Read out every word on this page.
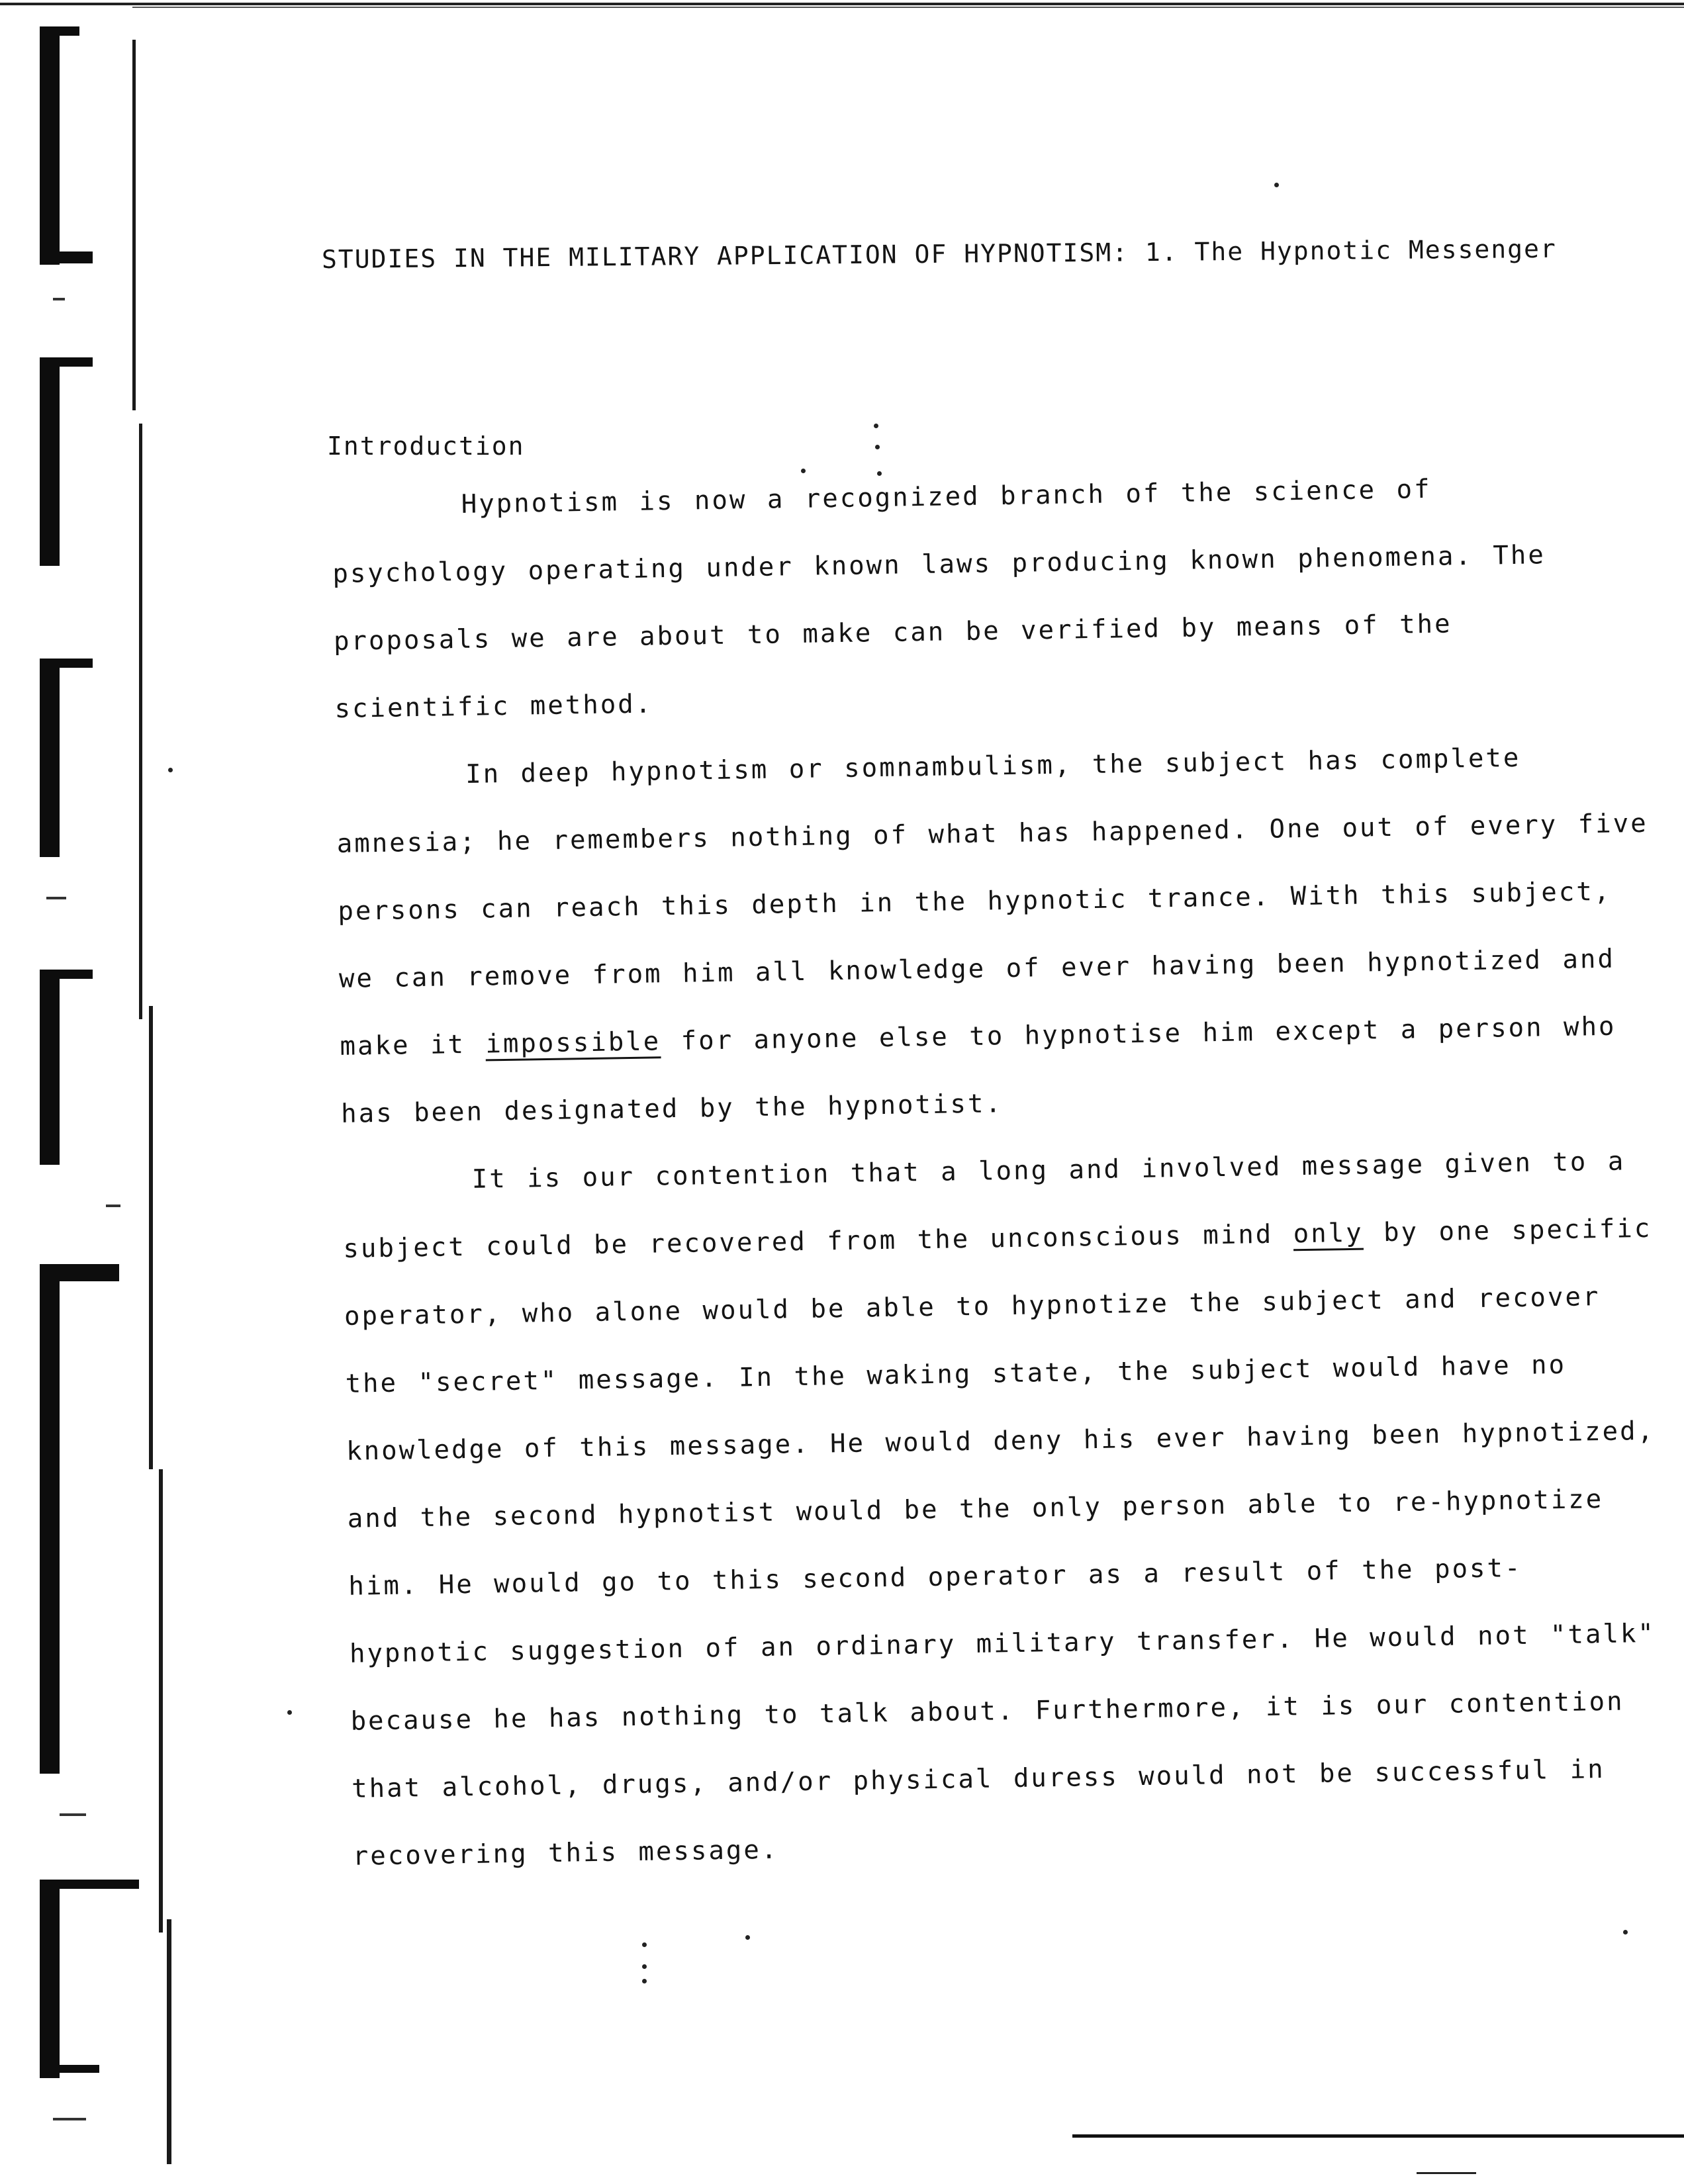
STUDIES IN THE MILITARY APPLICATION OF HYPNOTISM: 1. The Hypnotic Messenger
Introduction

Hypnotism is now a recognized branch of the science of psychology operating under known laws producing known phenomena. The proposals we are about to make can be verified by means of the scientific method.

In deep hypnotism or somnambulism, the subject has complete amnesia; he remembers nothing of what has happened. One out of every five persons can reach this depth in the hypnotic trance. With this subject, we can remove from him all knowledge of ever having been hypnotized and make it impossible for anyone else to hypnotise him except a person who has been designated by the hypnotist.

It is our contention that a long and involved message given to a subject could be recovered from the unconscious mind only by one specific operator, who alone would be able to hypnotize the subject and recover the "secret" message. In the waking state, the subject would have no knowledge of this message. He would deny his ever having been hypnotized, and the second hypnotist would be the only person able to re-hypnotize him. He would go to this second operator as a result of the post-hypnotic suggestion of an ordinary military transfer. He would not "talk" because he has nothing to talk about. Furthermore, it is our contention that alcohol, drugs, and/or physical duress would not be successful in recovering this message.
